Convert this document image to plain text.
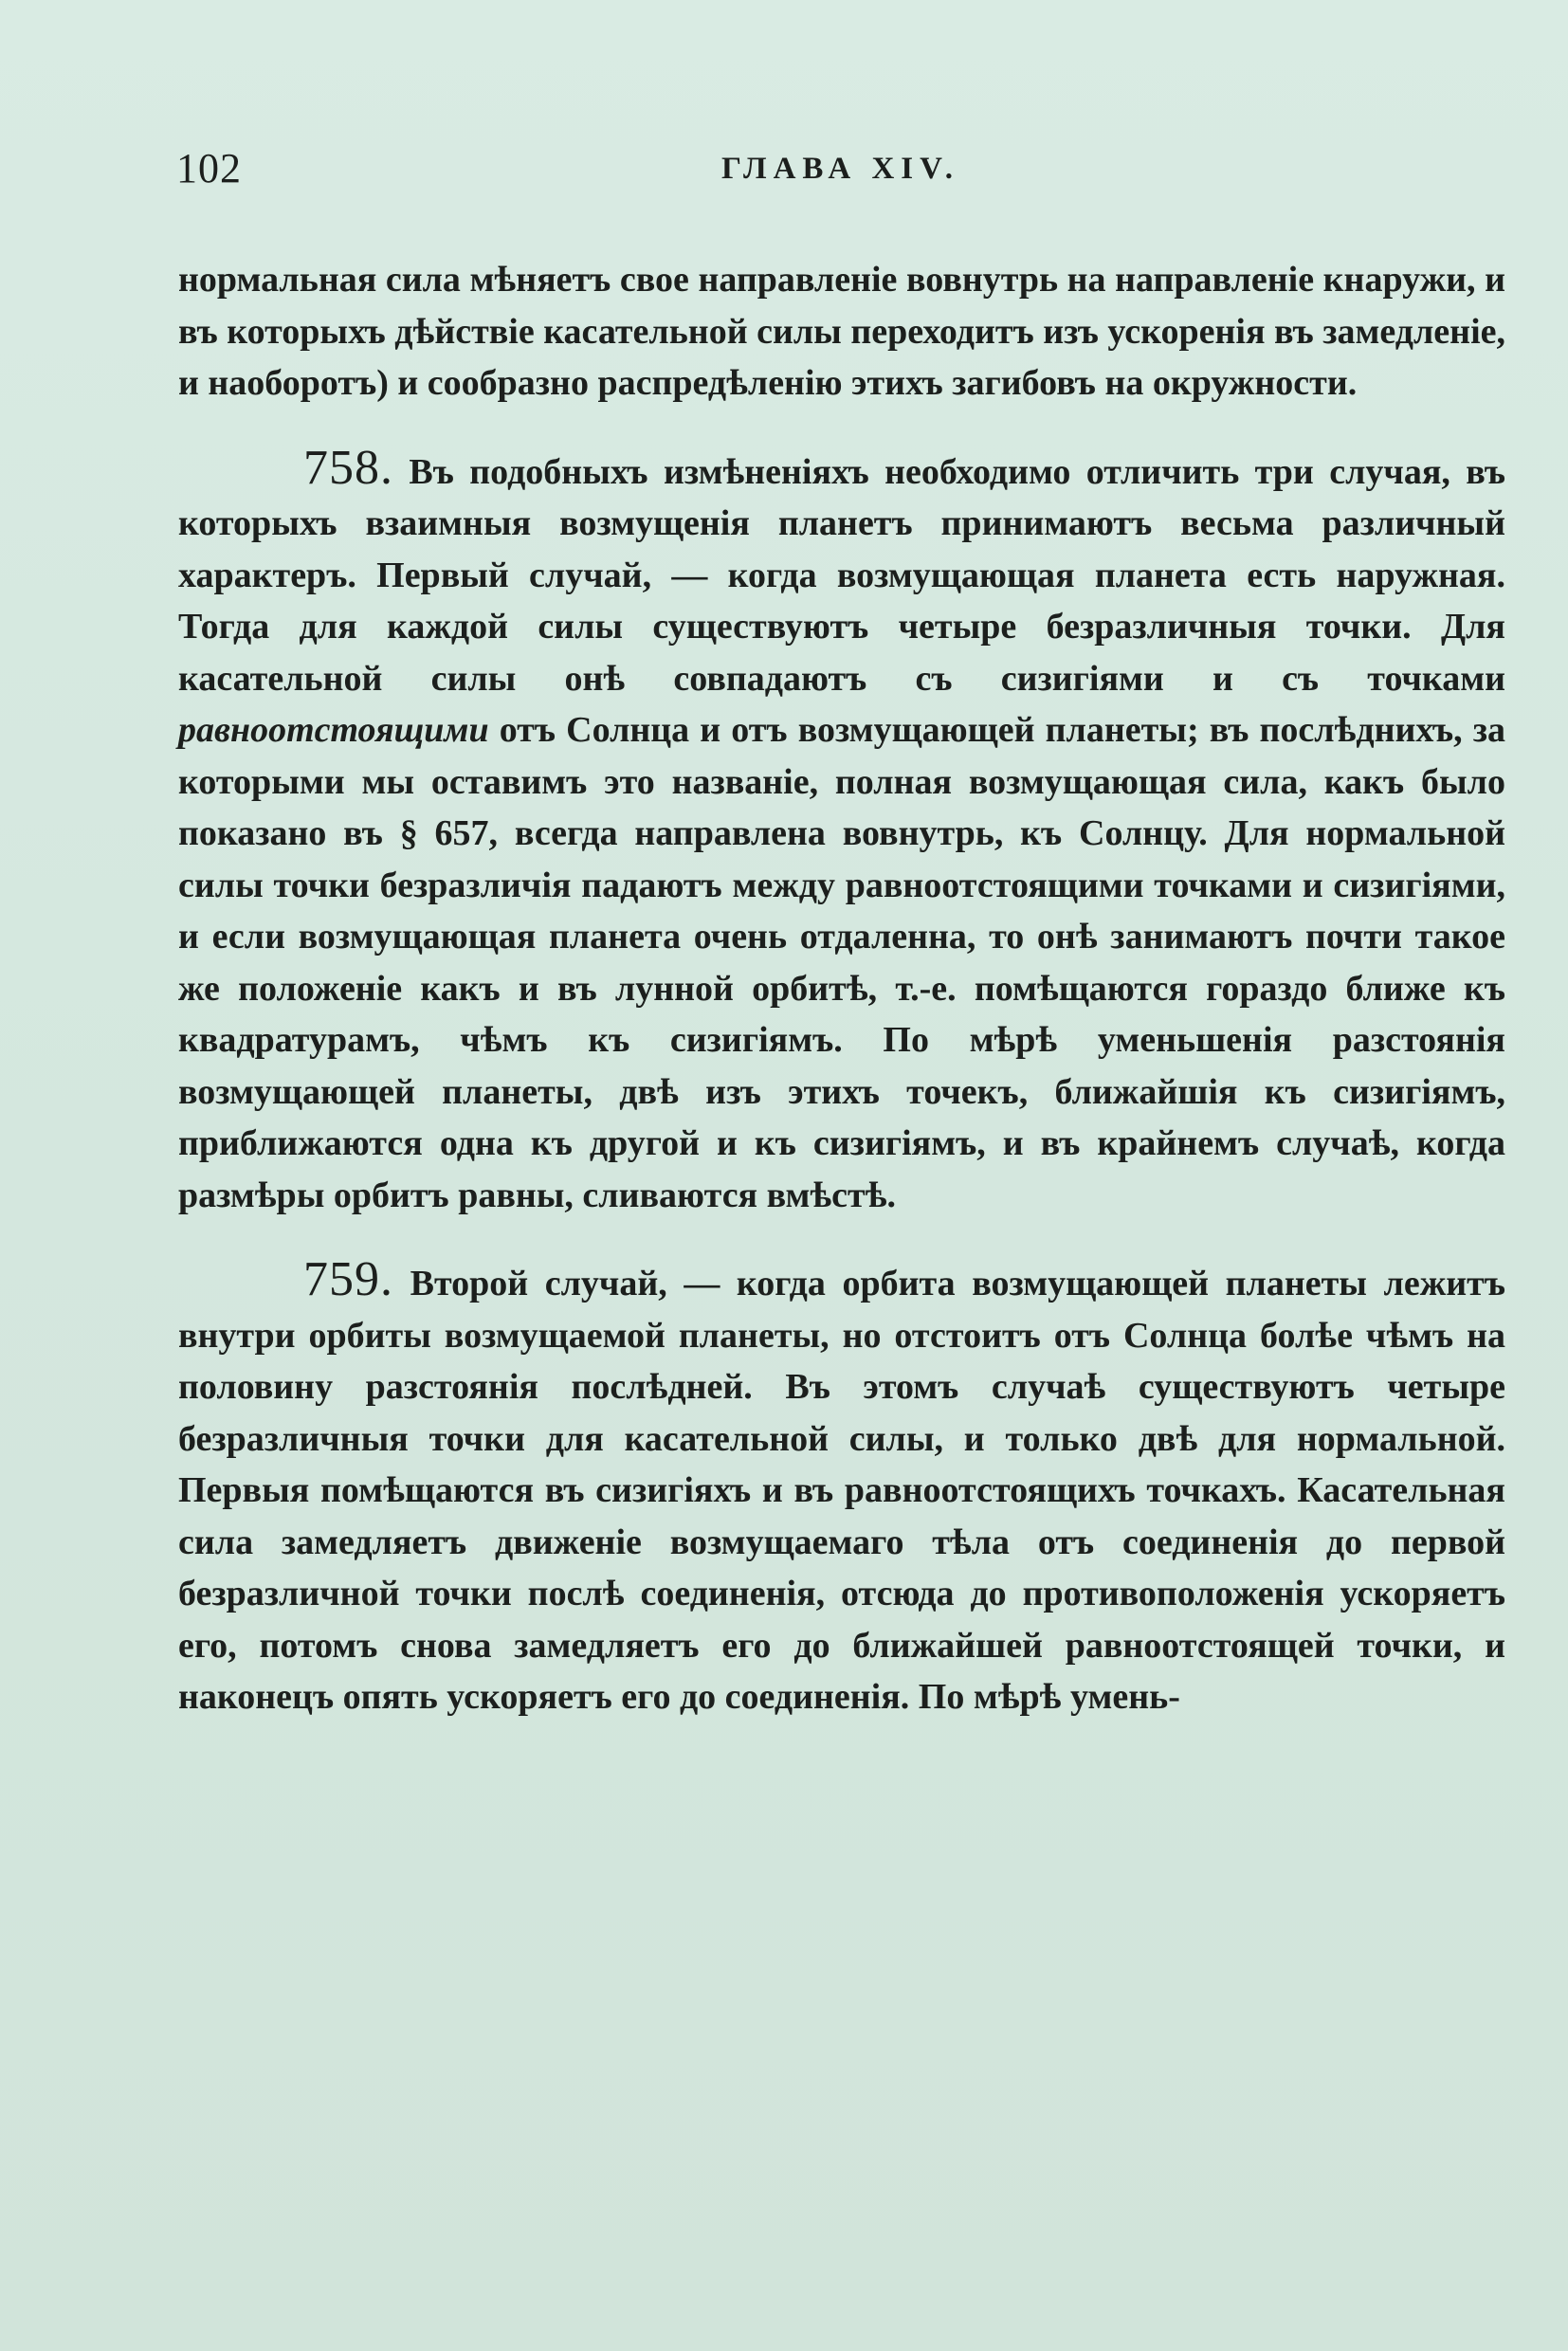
102	ГЛАВА XIV.

нормальная сила мѣняетъ свое направленіе вовнутрь на направленіе кнаружи, и въ которыхъ дѣйствіе касательной силы переходитъ изъ ускоренія въ замедленіе, и наоборотъ) и сообразно распредѣленію этихъ загибовъ на окружности.

758. Въ подобныхъ измѣненіяхъ необходимо отличить три случая, въ которыхъ взаимныя возмущенія планетъ принимаютъ весьма различный характеръ. Первый случай, — когда возмущающая планета есть наружная. Тогда для каждой силы существуютъ четыре безразличныя точки. Для касательной силы онѣ совпадаютъ съ сизигіями и съ точками равноотстоящими отъ Солнца и отъ возмущающей планеты; въ послѣднихъ, за которыми мы оставимъ это названіе, полная возмущающая сила, какъ было показано въ § 657, всегда направлена вовнутрь, къ Солнцу. Для нормальной силы точки безразличія падаютъ между равноотстоящими точками и сизигіями, и если возмущающая планета очень отдаленна, то онѣ занимаютъ почти такое же положеніе какъ и въ лунной орбитѣ, т.-е. помѣщаются гораздо ближе къ квадратурамъ, чѣмъ къ сизигіямъ. По мѣрѣ уменьшенія разстоянія возмущающей планеты, двѣ изъ этихъ точекъ, ближайшія къ сизигіямъ, приближаются одна къ другой и къ сизигіямъ, и въ крайнемъ случаѣ, когда размѣры орбитъ равны, сливаются вмѣстѣ.

759. Второй случай, — когда орбита возмущающей планеты лежитъ внутри орбиты возмущаемой планеты, но отстоитъ отъ Солнца болѣе чѣмъ на половину разстоянія послѣдней. Въ этомъ случаѣ существуютъ четыре безразличныя точки для касательной силы, и только двѣ для нормальной. Первыя помѣщаются въ сизигіяхъ и въ равноотстоящихъ точкахъ. Касательная сила замедляетъ движеніе возмущаемаго тѣла отъ соединенія до первой безразличной точки послѣ соединенія, отсюда до противоположенія ускоряетъ его, потомъ снова замедляетъ его до ближайшей равноотстоящей точки, и наконецъ опять ускоряетъ его до соединенія. По мѣрѣ умень-
